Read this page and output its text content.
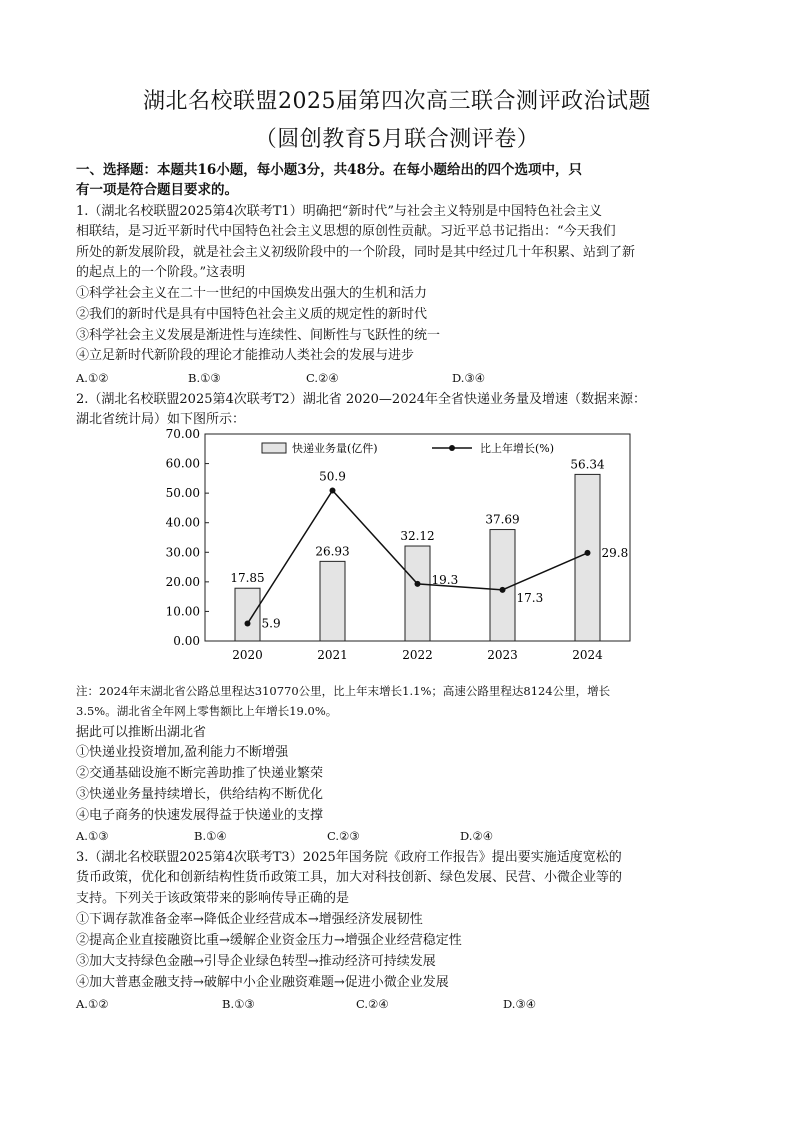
湖北名校联盟2025届第四次高三联合测评政治试题
（圆创教育5月联合测评卷）
一、选择题：本题共16小题，每小题3分，共48分。在每小题给出的四个选项中，只
有一项是符合题目要求的。
1.（湖北名校联盟2025第4次联考T1）明确把“新时代”与社会主义特别是中国特色社会主义
相联结，是习近平新时代中国特色社会主义思想的原创性贡献。习近平总书记指出：“今天我们
所处的新发展阶段，就是社会主义初级阶段中的一个阶段，同时是其中经过几十年积累、站到了新
的起点上的一个阶段。”这表明
①科学社会主义在二十一世纪的中国焕发出强大的生机和活力
②我们的新时代是具有中国特色社会主义质的规定性的新时代
③科学社会主义发展是渐进性与连续性、间断性与飞跃性的统一
④立足新时代新阶段的理论才能推动人类社会的发展与进步
A.①②	B.①③	C.②④	D.③④
2.（湖北名校联盟2025第4次联考T2）湖北省 2020—2024年全省快递业务量及增速（数据来源：
湖北省统计局）如下图所示：
0.00
10.00
20.00
30.00
40.00
50.00
60.00
70.00
2020	2021	2022	2023	2024
17.85
26.93
32.12
37.69
56.34
5.9
50.9
19.3
17.3
29.8
快递业务量(亿件)	比上年增长(%)
注：2024年末湖北省公路总里程达310770公里，比上年末增长1.1%；高速公路里程达8124公里，增长
3.5%。湖北省全年网上零售额比上年增长19.0%。
据此可以推断出湖北省
①快递业投资增加,盈利能力不断增强
②交通基础设施不断完善助推了快递业繁荣
③快递业务量持续增长，供给结构不断优化
④电子商务的快速发展得益于快递业的支撑
A.①③	B.①④	C.②③	D.②④
3.（湖北名校联盟2025第4次联考T3）2025年国务院《政府工作报告》提出要实施适度宽松的
货币政策，优化和创新结构性货币政策工具，加大对科技创新、绿色发展、民营、小微企业等的
支持。下列关于该政策带来的影响传导正确的是
①下调存款准备金率→降低企业经营成本→增强经济发展韧性
②提高企业直接融资比重→缓解企业资金压力→增强企业经营稳定性
③加大支持绿色金融→引导企业绿色转型→推动经济可持续发展
④加大普惠金融支持→破解中小企业融资难题→促进小微企业发展
A.①②	B.①③	C.②④	D.③④
